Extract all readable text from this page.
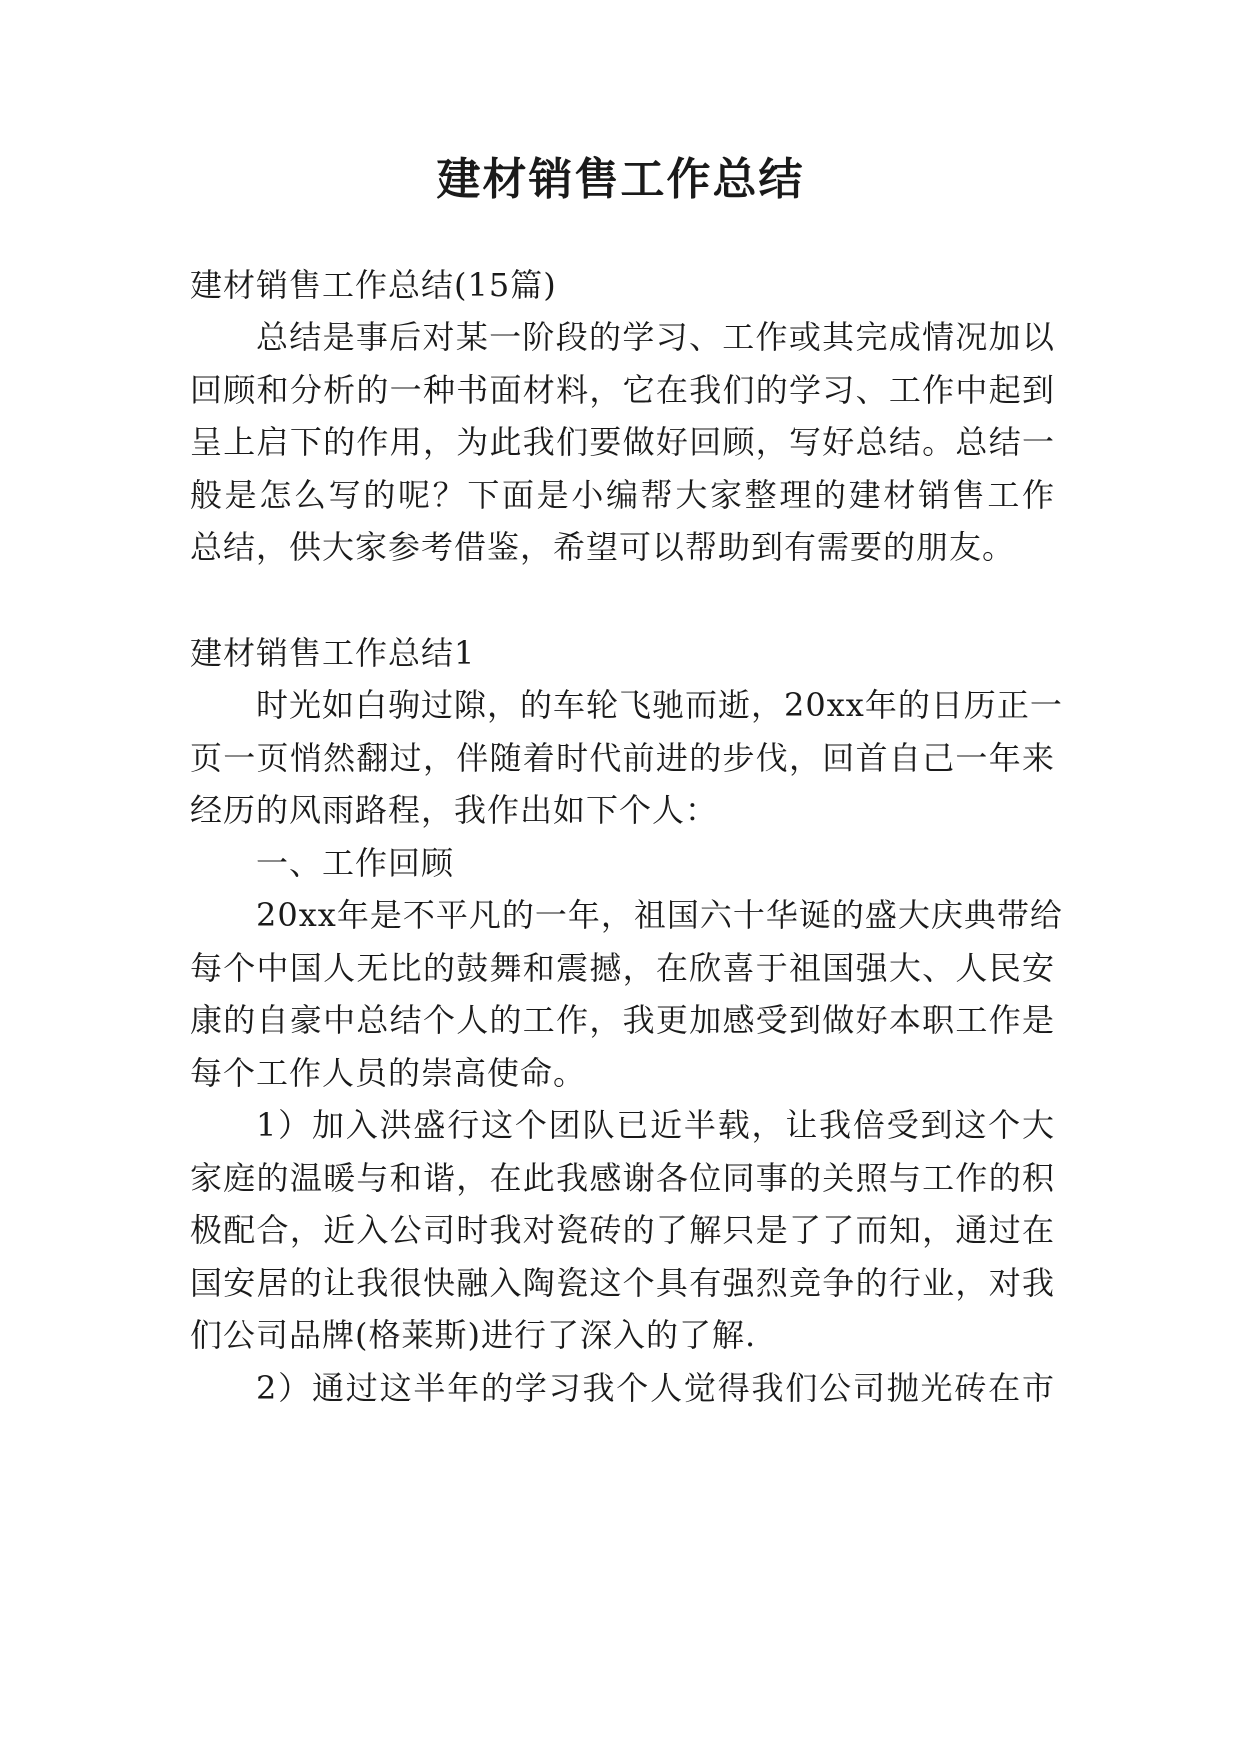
建材销售工作总结

建材销售工作总结(15篇)

总结是事后对某一阶段的学习、工作或其完成情况加以

回顾和分析的一种书面材料，它在我们的学习、工作中起到

呈上启下的作用，为此我们要做好回顾，写好总结。总结一

般是怎么写的呢？下面是小编帮大家整理的建材销售工作

总结，供大家参考借鉴，希望可以帮助到有需要的朋友。

建材销售工作总结1

时光如白驹过隙，的车轮飞驰而逝，20xx年的日历正一

页一页悄然翻过，伴随着时代前进的步伐，回首自己一年来

经历的风雨路程，我作出如下个人：

一、工作回顾

20xx年是不平凡的一年，祖国六十华诞的盛大庆典带给

每个中国人无比的鼓舞和震撼，在欣喜于祖国强大、人民安

康的自豪中总结个人的工作，我更加感受到做好本职工作是

每个工作人员的崇高使命。

1）加入洪盛行这个团队已近半载，让我倍受到这个大

家庭的温暖与和谐，在此我感谢各位同事的关照与工作的积

极配合，近入公司时我对瓷砖的了解只是了了而知，通过在

国安居的让我很快融入陶瓷这个具有强烈竞争的行业，对我

们公司品牌(格莱斯)进行了深入的了解.

2）通过这半年的学习我个人觉得我们公司抛光砖在市
